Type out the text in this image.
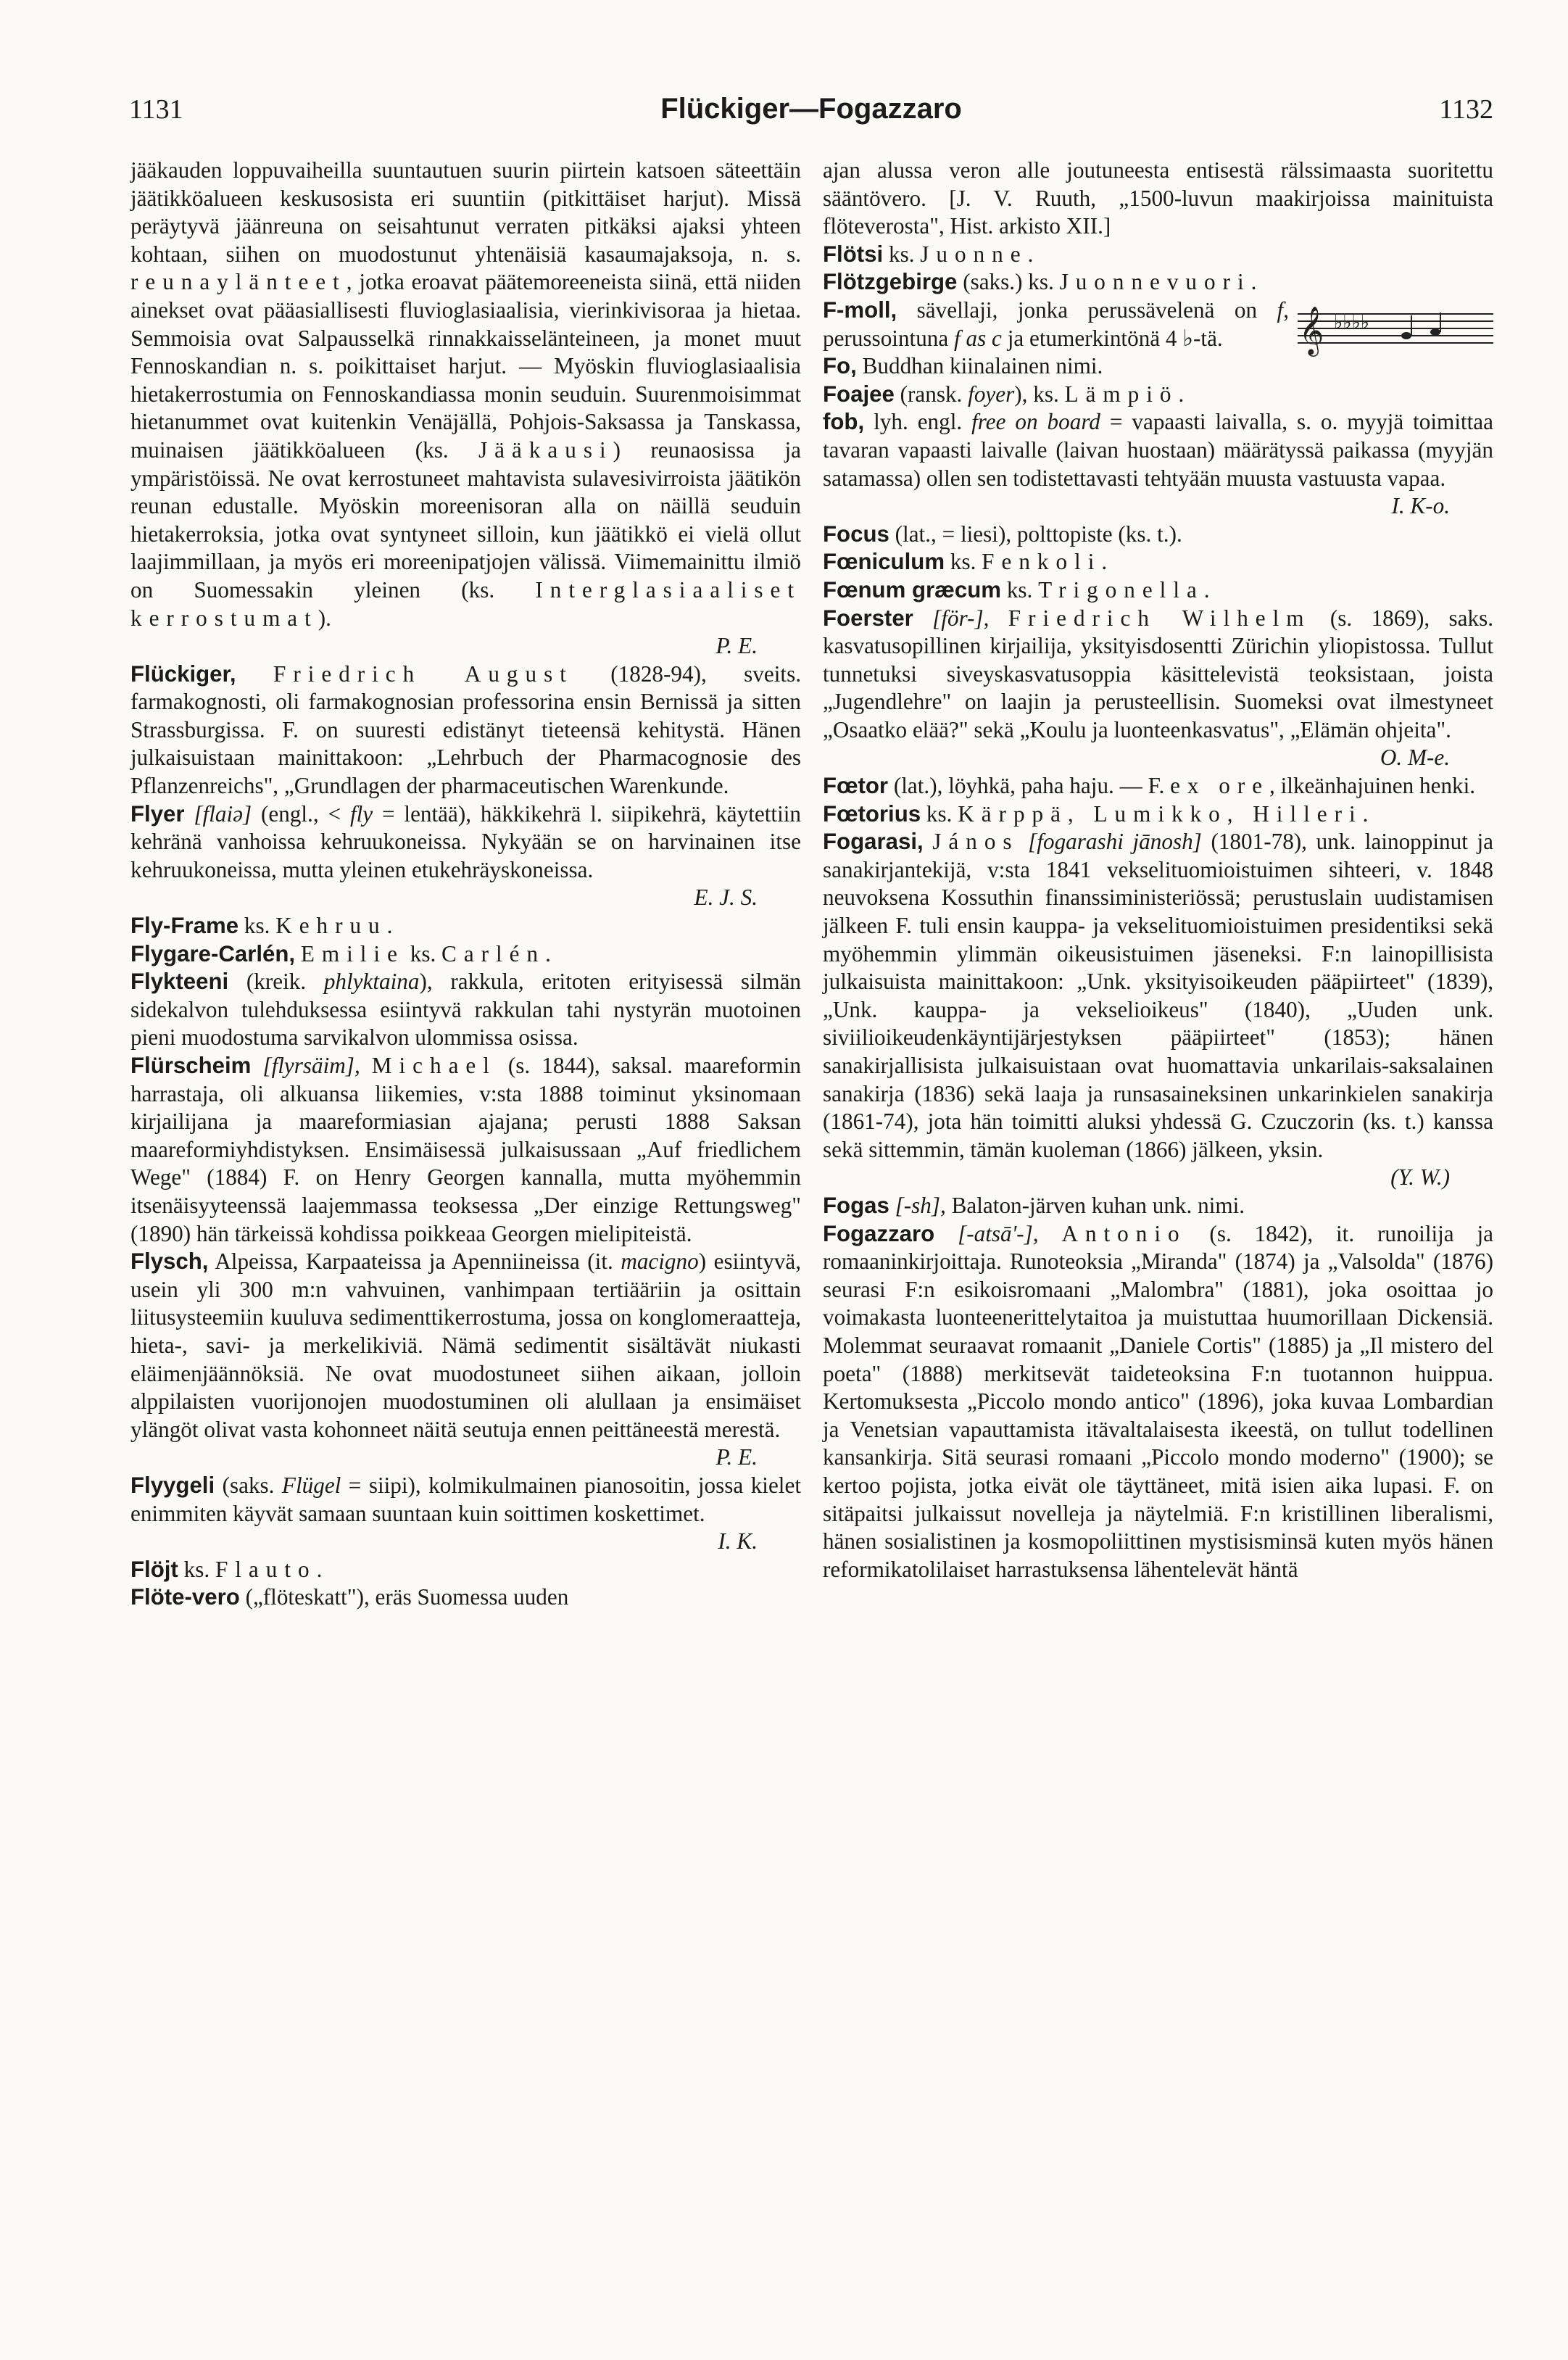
1131	Flückiger—Fogazzaro	1132

jääkauden loppuvaiheilla suuntautuen suurin piirtein katsoen säteettäin jäätikköalueen keskusosista eri suuntiin (pitkittäiset harjut). Missä peräytyvä jäänreuna on seisahtunut verraten pitkäksi ajaksi yhteen kohtaan, siihen on muodostunut yhtenäisiä kasaumajaksoja, n. s. reunaylänteet, jotka eroavat päätemoreeneista siinä, että niiden ainekset ovat pääasiallisesti fluvioglasiaalisia, vierinkivisoraa ja hietaa. Semmoisia ovat Salpausselkä rinnakkaisselänteineen, ja monet muut Fennoskandian n. s. poikittaiset harjut. — Myöskin fluvioglasiaalisia hietakerrostumia on Fennoskandiassa monin seuduin. Suurenmoisimmat hietanummet ovat kuitenkin Venäjällä, Pohjois-Saksassa ja Tanskassa, muinaisen jäätikköalueen (ks. Jääkausi) reunaosissa ja ympäristöissä. Ne ovat kerrostuneet mahtavista sulavesivirroista jäätikön reunan edustalle. Myöskin moreenisoran alla on näillä seuduin hietakerroksia, jotka ovat syntyneet silloin, kun jäätikkö ei vielä ollut laajimmillaan, ja myös eri moreenipatjojen välissä. Viimemainittu ilmiö on Suomessakin yleinen (ks. Interglasiaaliset kerrostumat).
P. E.

Flückiger, Friedrich August (1828-94), sveits. farmakognosti, oli farmakognosian professorina ensin Bernissä ja sitten Strassburgissa. F. on suuresti edistänyt tieteensä kehitystä. Hänen julkaisuistaan mainittakoon: „Lehrbuch der Pharmacognosie des Pflanzenreichs", „Grundlagen der pharmaceutischen Warenkunde.

Flyer [flaiə] (engl., < fly = lentää), häkkikehrä l. siipikehrä, käytettiin kehränä vanhoissa kehruukoneissa. Nykyään se on harvinainen itse kehruukoneissa, mutta yleinen etukehräyskoneissa.
E. J. S.

Fly-Frame ks. Kehruu.

Flygare-Carlén, Emilie ks. Carlén.

Flykteeni (kreik. phlyktaina), rakkula, eritoten erityisessä silmän sidekalvon tulehduksessa esiintyvä rakkulan tahi nystyrän muotoinen pieni muodostuma sarvikalvon ulommissa osissa.

Flürscheim [flyrsäim], Michael (s. 1844), saksal. maareformin harrastaja, oli alkuansa liikemies, v:sta 1888 toiminut yksinomaan kirjailijana ja maareformiasian ajajana; perusti 1888 Saksan maareformiyhdistyksen. Ensimäisessä julkaisussaan „Auf friedlichem Wege" (1884) F. on Henry Georgen kannalla, mutta myöhemmin itsenäisyyteenssä laajemmassa teoksessa „Der einzige Rettungsweg" (1890) hän tärkeissä kohdissa poikkeaa Georgen mielipiteistä.

Flysch, Alpeissa, Karpaateissa ja Apenniineissa (it. macigno) esiintyvä, usein yli 300 m:n vahvuinen, vanhimpaan tertiääriin ja osittain liitusysteemiin kuuluva sedimenttikerrostuma, jossa on konglomeraatteja, hieta-, savi- ja merkelikiviä. Nämä sedimentit sisältävät niukasti eläimenjäännöksiä. Ne ovat muodostuneet siihen aikaan, jolloin alppilaisten vuorijonojen muodostuminen oli alullaan ja ensimäiset ylängöt olivat vasta kohonneet näitä seutuja ennen peittäneestä merestä.
P. E.

Flyygeli (saks. Flügel = siipi), kolmikulmainen pianosoitin, jossa kielet enimmiten käyvät samaan suuntaan kuin soittimen koskettimet.
I. K.

Flöjt ks. Flauto.

Flöte-vero („flöteskatt"), eräs Suomessa uuden

ajan alussa veron alle joutuneesta entisestä rälssimaasta suoritettu sääntövero. [J. V. Ruuth, „1500-luvun maakirjoissa mainituista flöteverosta", Hist. arkisto XII.]

Flötsi ks. Juonne.

Flötzgebirge (saks.) ks. Juonnevuori.

𝄞 ♭♭♭♭
F-moll, sävellaji, jonka perussävelenä on f, perussointuna f as c ja etumerkintönä 4 ♭-tä.

Fo, Buddhan kiinalainen nimi.

Foajee (ransk. foyer), ks. Lämpiö.

fob, lyh. engl. free on board = vapaasti laivalla, s. o. myyjä toimittaa tavaran vapaasti laivalle (laivan huostaan) määrätyssä paikassa (myyjän satamassa) ollen sen todistettavasti tehtyään muusta vastuusta vapaa.
I. K-o.

Focus (lat., = liesi), polttopiste (ks. t.).

Fœniculum ks. Fenkoli.

Fœnum græcum ks. Trigonella.

Foerster [för-], Friedrich Wilhelm (s. 1869), saks. kasvatusopillinen kirjailija, yksityisdosentti Zürichin yliopistossa. Tullut tunnetuksi siveyskasvatusoppia käsittelevistä teoksistaan, joista „Jugendlehre" on laajin ja perusteellisin. Suomeksi ovat ilmestyneet „Osaatko elää?" sekä „Koulu ja luonteenkasvatus", „Elämän ohjeita".
O. M-e.

Fœtor (lat.), löyhkä, paha haju. — F. ex ore, ilkeänhajuinen henki.

Fœtorius ks. Kärppä, Lumikko, Hilleri.

Fogarasi, János [fogarashi jānosh] (1801-78), unk. lainoppinut ja sanakirjantekijä, v:sta 1841 vekselituomioistuimen sihteeri, v. 1848 neuvoksena Kossuthin finanssiministeriössä; perustuslain uudistamisen jälkeen F. tuli ensin kauppa- ja vekselituomioistuimen presidentiksi sekä myöhemmin ylimmän oikeusistuimen jäseneksi. F:n lainopillisista julkaisuista mainittakoon: „Unk. yksityisoikeuden pääpiirteet" (1839), „Unk. kauppa- ja vekselioikeus" (1840), „Uuden unk. siviilioikeudenkäyntijärjestyksen pääpiirteet" (1853); hänen sanakirjallisista julkaisuistaan ovat huomattavia unkarilais-saksalainen sanakirja (1836) sekä laaja ja runsasaineksinen unkarinkielen sanakirja (1861-74), jota hän toimitti aluksi yhdessä G. Czuczorin (ks. t.) kanssa sekä sittemmin, tämän kuoleman (1866) jälkeen, yksin.
(Y. W.)

Fogas [-sh], Balaton-järven kuhan unk. nimi.

Fogazzaro [-atsā'-], Antonio (s. 1842), it. runoilija ja romaaninkirjoittaja. Runoteoksia „Miranda" (1874) ja „Valsolda" (1876) seurasi F:n esikoisromaani „Malombra" (1881), joka osoittaa jo voimakasta luonteenerittelytaitoa ja muistuttaa huumorillaan Dickensiä. Molemmat seuraavat romaanit „Daniele Cortis" (1885) ja „Il mistero del poeta" (1888) merkitsevät taideteoksina F:n tuotannon huippua. Kertomuksesta „Piccolo mondo antico" (1896), joka kuvaa Lombardian ja Venetsian vapauttamista itävaltalaisesta ikeestä, on tullut todellinen kansankirja. Sitä seurasi romaani „Piccolo mondo moderno" (1900); se kertoo pojista, jotka eivät ole täyttäneet, mitä isien aika lupasi. F. on sitäpaitsi julkaissut novelleja ja näytelmiä. F:n kristillinen liberalismi, hänen sosialistinen ja kosmopoliittinen mystisisminsä kuten myös hänen reformikatolilaiset harrastuksensa lähentelevät häntä
